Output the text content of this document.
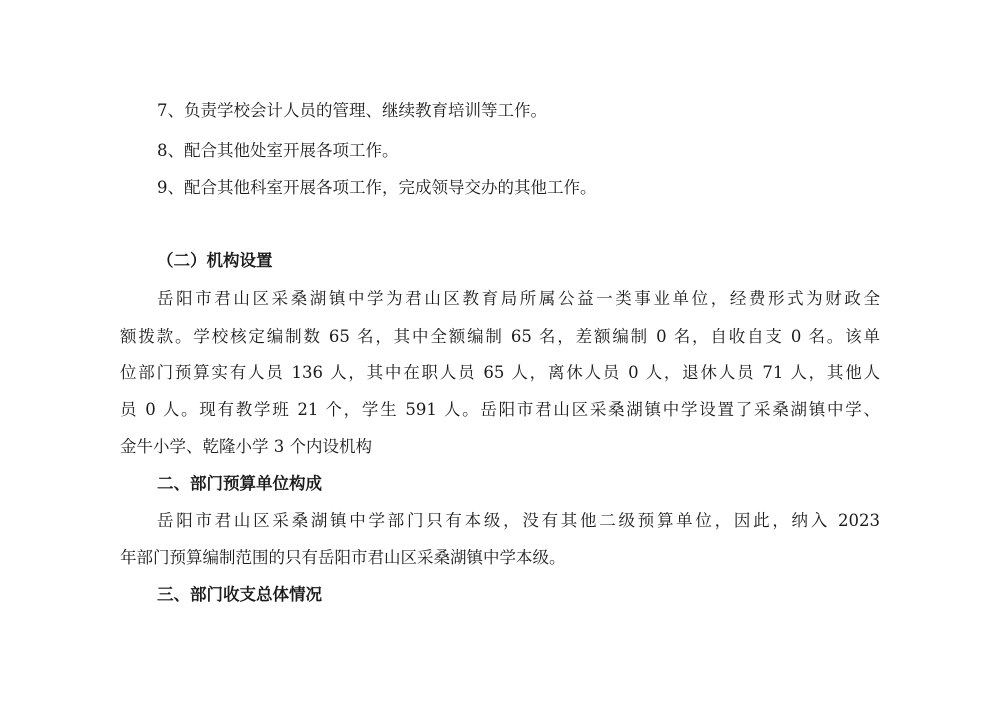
7、负责学校会计人员的管理、继续教育培训等工作。
8、配合其他处室开展各项工作。
9、配合其他科室开展各项工作，完成领导交办的其他工作。
（二）机构设置
岳阳市君山区采桑湖镇中学为君山区教育局所属公益一类事业单位，经费形式为财政全
额拨款。学校核定编制数 65 名，其中全额编制 65 名，差额编制 0 名，自收自支 0 名。该单
位部门预算实有人员 136 人，其中在职人员 65 人，离休人员 0 人，退休人员 71 人，其他人
员 0 人。现有教学班 21 个，学生 591 人。岳阳市君山区采桑湖镇中学设置了采桑湖镇中学、
金牛小学、乾隆小学 3 个内设机构
二、部门预算单位构成
岳阳市君山区采桑湖镇中学部门只有本级，没有其他二级预算单位，因此，纳入 2023
年部门预算编制范围的只有岳阳市君山区采桑湖镇中学本级。
三、部门收支总体情况
